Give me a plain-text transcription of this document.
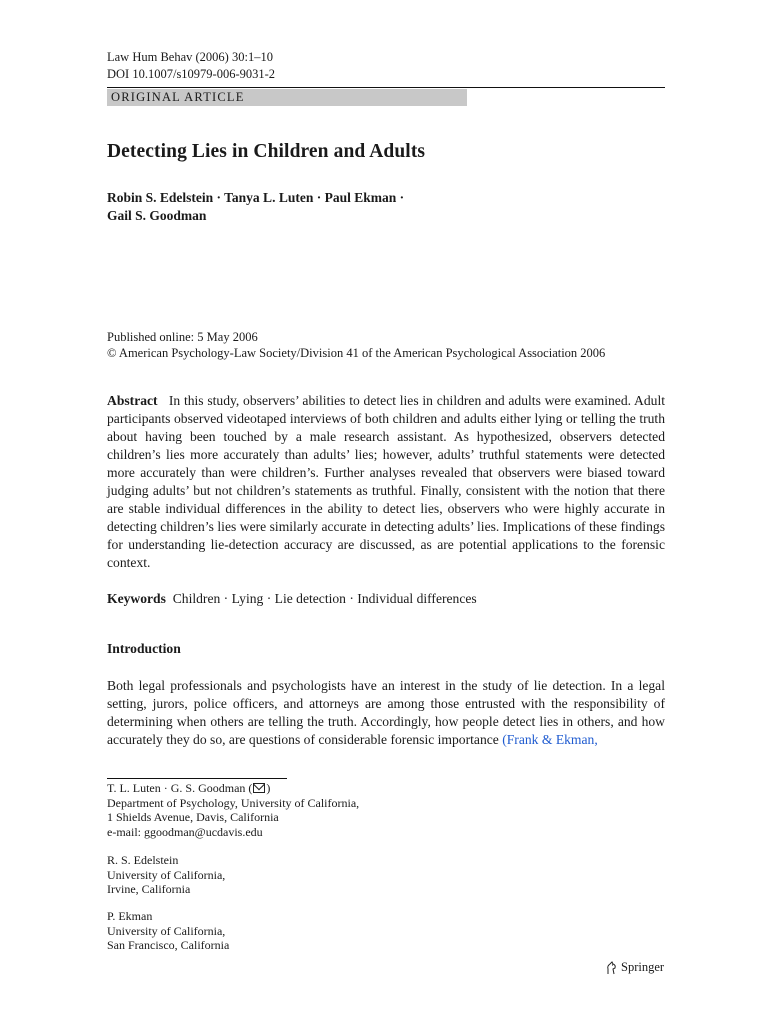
Law Hum Behav (2006) 30:1–10
DOI 10.1007/s10979-006-9031-2
ORIGINAL ARTICLE
Detecting Lies in Children and Adults
Robin S. Edelstein · Tanya L. Luten · Paul Ekman ·
Gail S. Goodman
Published online: 5 May 2006
© American Psychology-Law Society/Division 41 of the American Psychological Association 2006
Abstract In this study, observers’ abilities to detect lies in children and adults were examined. Adult participants observed videotaped interviews of both children and adults either lying or telling the truth about having been touched by a male research assistant. As hypothesized, observers detected children’s lies more accurately than adults’ lies; however, adults’ truthful statements were detected more accurately than were children’s. Further analyses revealed that observers were biased toward judging adults’ but not children’s statements as truthful. Finally, consistent with the notion that there are stable individual differences in the ability to detect lies, observers who were highly accurate in detecting children’s lies were similarly accurate in detecting adults’ lies. Implications of these findings for understanding lie-detection accuracy are discussed, as are potential applications to the forensic context.
Keywords Children · Lying · Lie detection · Individual differences
Introduction
Both legal professionals and psychologists have an interest in the study of lie detection. In a legal setting, jurors, police officers, and attorneys are among those entrusted with the responsibility of determining when others are telling the truth. Accordingly, how people detect lies in others, and how accurately they do so, are questions of considerable forensic importance (Frank & Ekman,
T. L. Luten · G. S. Goodman ( )
Department of Psychology, University of California,
1 Shields Avenue, Davis, California
e-mail: ggoodman@ucdavis.edu
R. S. Edelstein
University of California,
Irvine, California
P. Ekman
University of California,
San Francisco, California
Springer
